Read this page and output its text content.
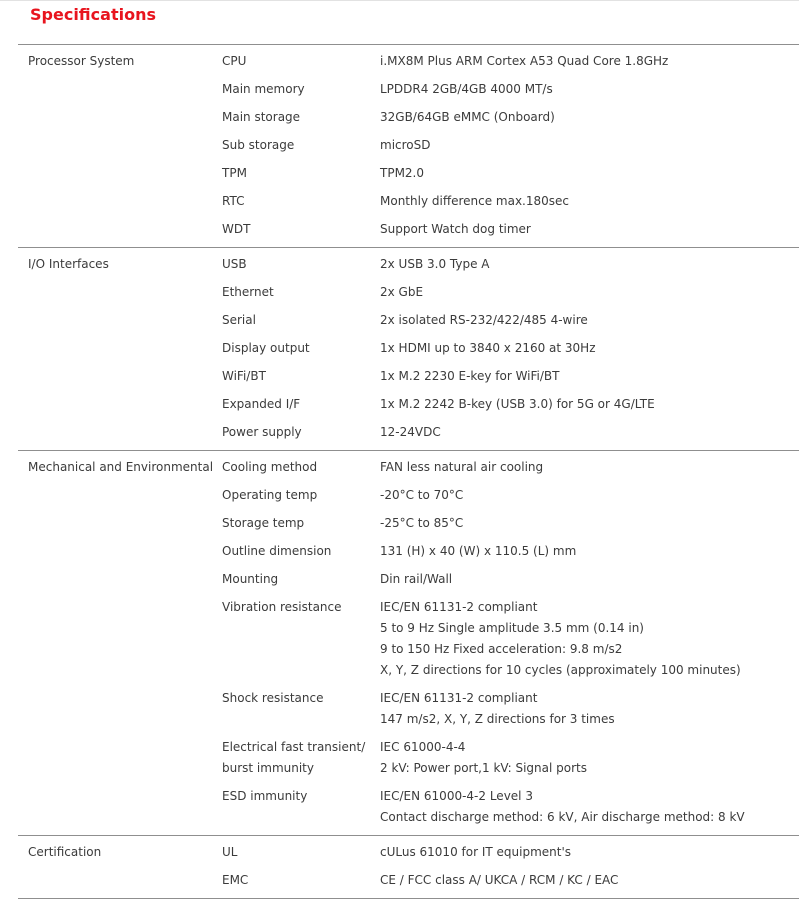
Specifications
Processor System	CPU	i.MX8M Plus ARM Cortex A53 Quad Core 1.8GHz

	Main memory	LPDDR4 2GB/4GB 4000 MT/s

	Main storage	32GB/64GB eMMC (Onboard)

	Sub storage	microSD

	TPM	TPM2.0

	RTC	Monthly difference max.180sec

	WDT	Support Watch dog timer

I/O Interfaces	USB	2x USB 3.0 Type A

	Ethernet	2x GbE

	Serial	2x isolated RS-232/422/485 4-wire

	Display output	1x HDMI up to 3840 x 2160 at 30Hz

	WiFi/BT	1x M.2 2230 E-key for WiFi/BT

	Expanded I/F	1x M.2 2242 B-key (USB 3.0) for 5G or 4G/LTE

	Power supply	12-24VDC

Mechanical and Environmental	Cooling method	FAN less natural air cooling

	Operating temp	-20°C to 70°C

	Storage temp	-25°C to 85°C

	Outline dimension	131 (H) x 40 (W) x 110.5 (L) mm

	Mounting	Din rail/Wall

	Vibration resistance	IEC/EN 61131-2 compliant
5 to 9 Hz Single amplitude 3.5 mm (0.14 in)
9 to 150 Hz Fixed acceleration: 9.8 m/s2
X, Y, Z directions for 10 cycles (approximately 100 minutes)

	Shock resistance	IEC/EN 61131-2 compliant
147 m/s2, X, Y, Z directions for 3 times

	Electrical fast transient/
burst immunity	IEC 61000-4-4
2 kV: Power port,1 kV: Signal ports

	ESD immunity	IEC/EN 61000-4-2 Level 3
Contact discharge method: 6 kV, Air discharge method: 8 kV

Certification	UL	cULus 61010 for IT equipment's

	EMC	CE / FCC class A/ UKCA / RCM / KC / EAC
